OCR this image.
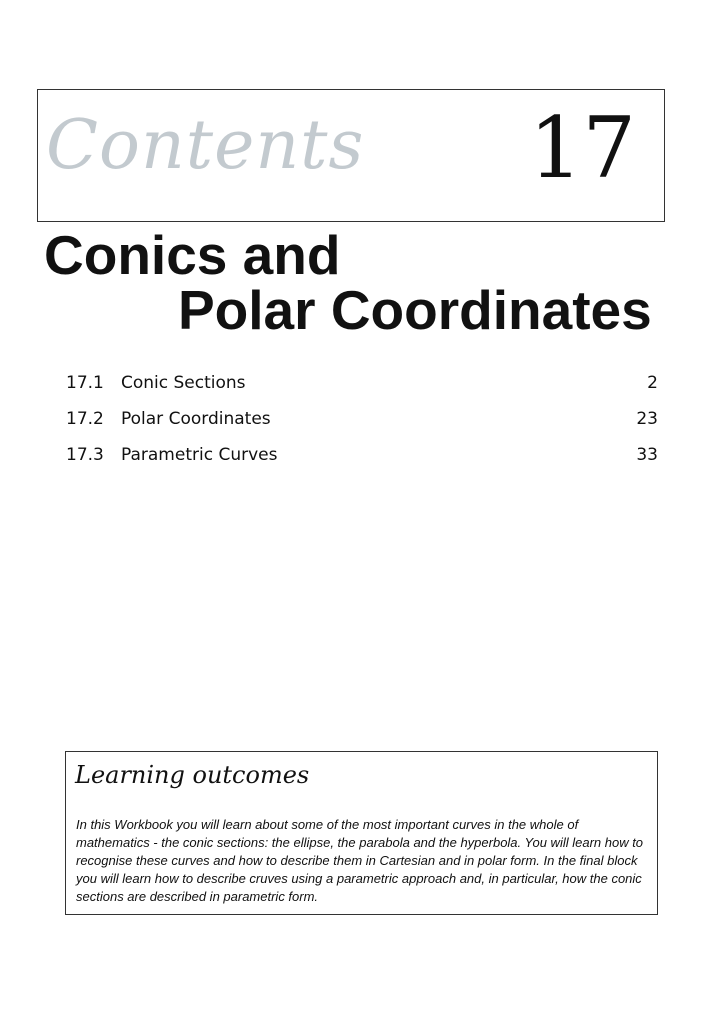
Contents 17
Conics and
Polar Coordinates
17.1 Conic Sections	2
17.2 Polar Coordinates	23
17.3 Parametric Curves	33
Learning outcomes

In this Workbook you will learn about some of the most important curves in the whole of mathematics - the conic sections: the ellipse, the parabola and the hyperbola. You will learn how to recognise these curves and how to describe them in Cartesian and in polar form. In the final block you will learn how to describe cruves using a parametric approach and, in particular, how the conic sections are described in parametric form.
